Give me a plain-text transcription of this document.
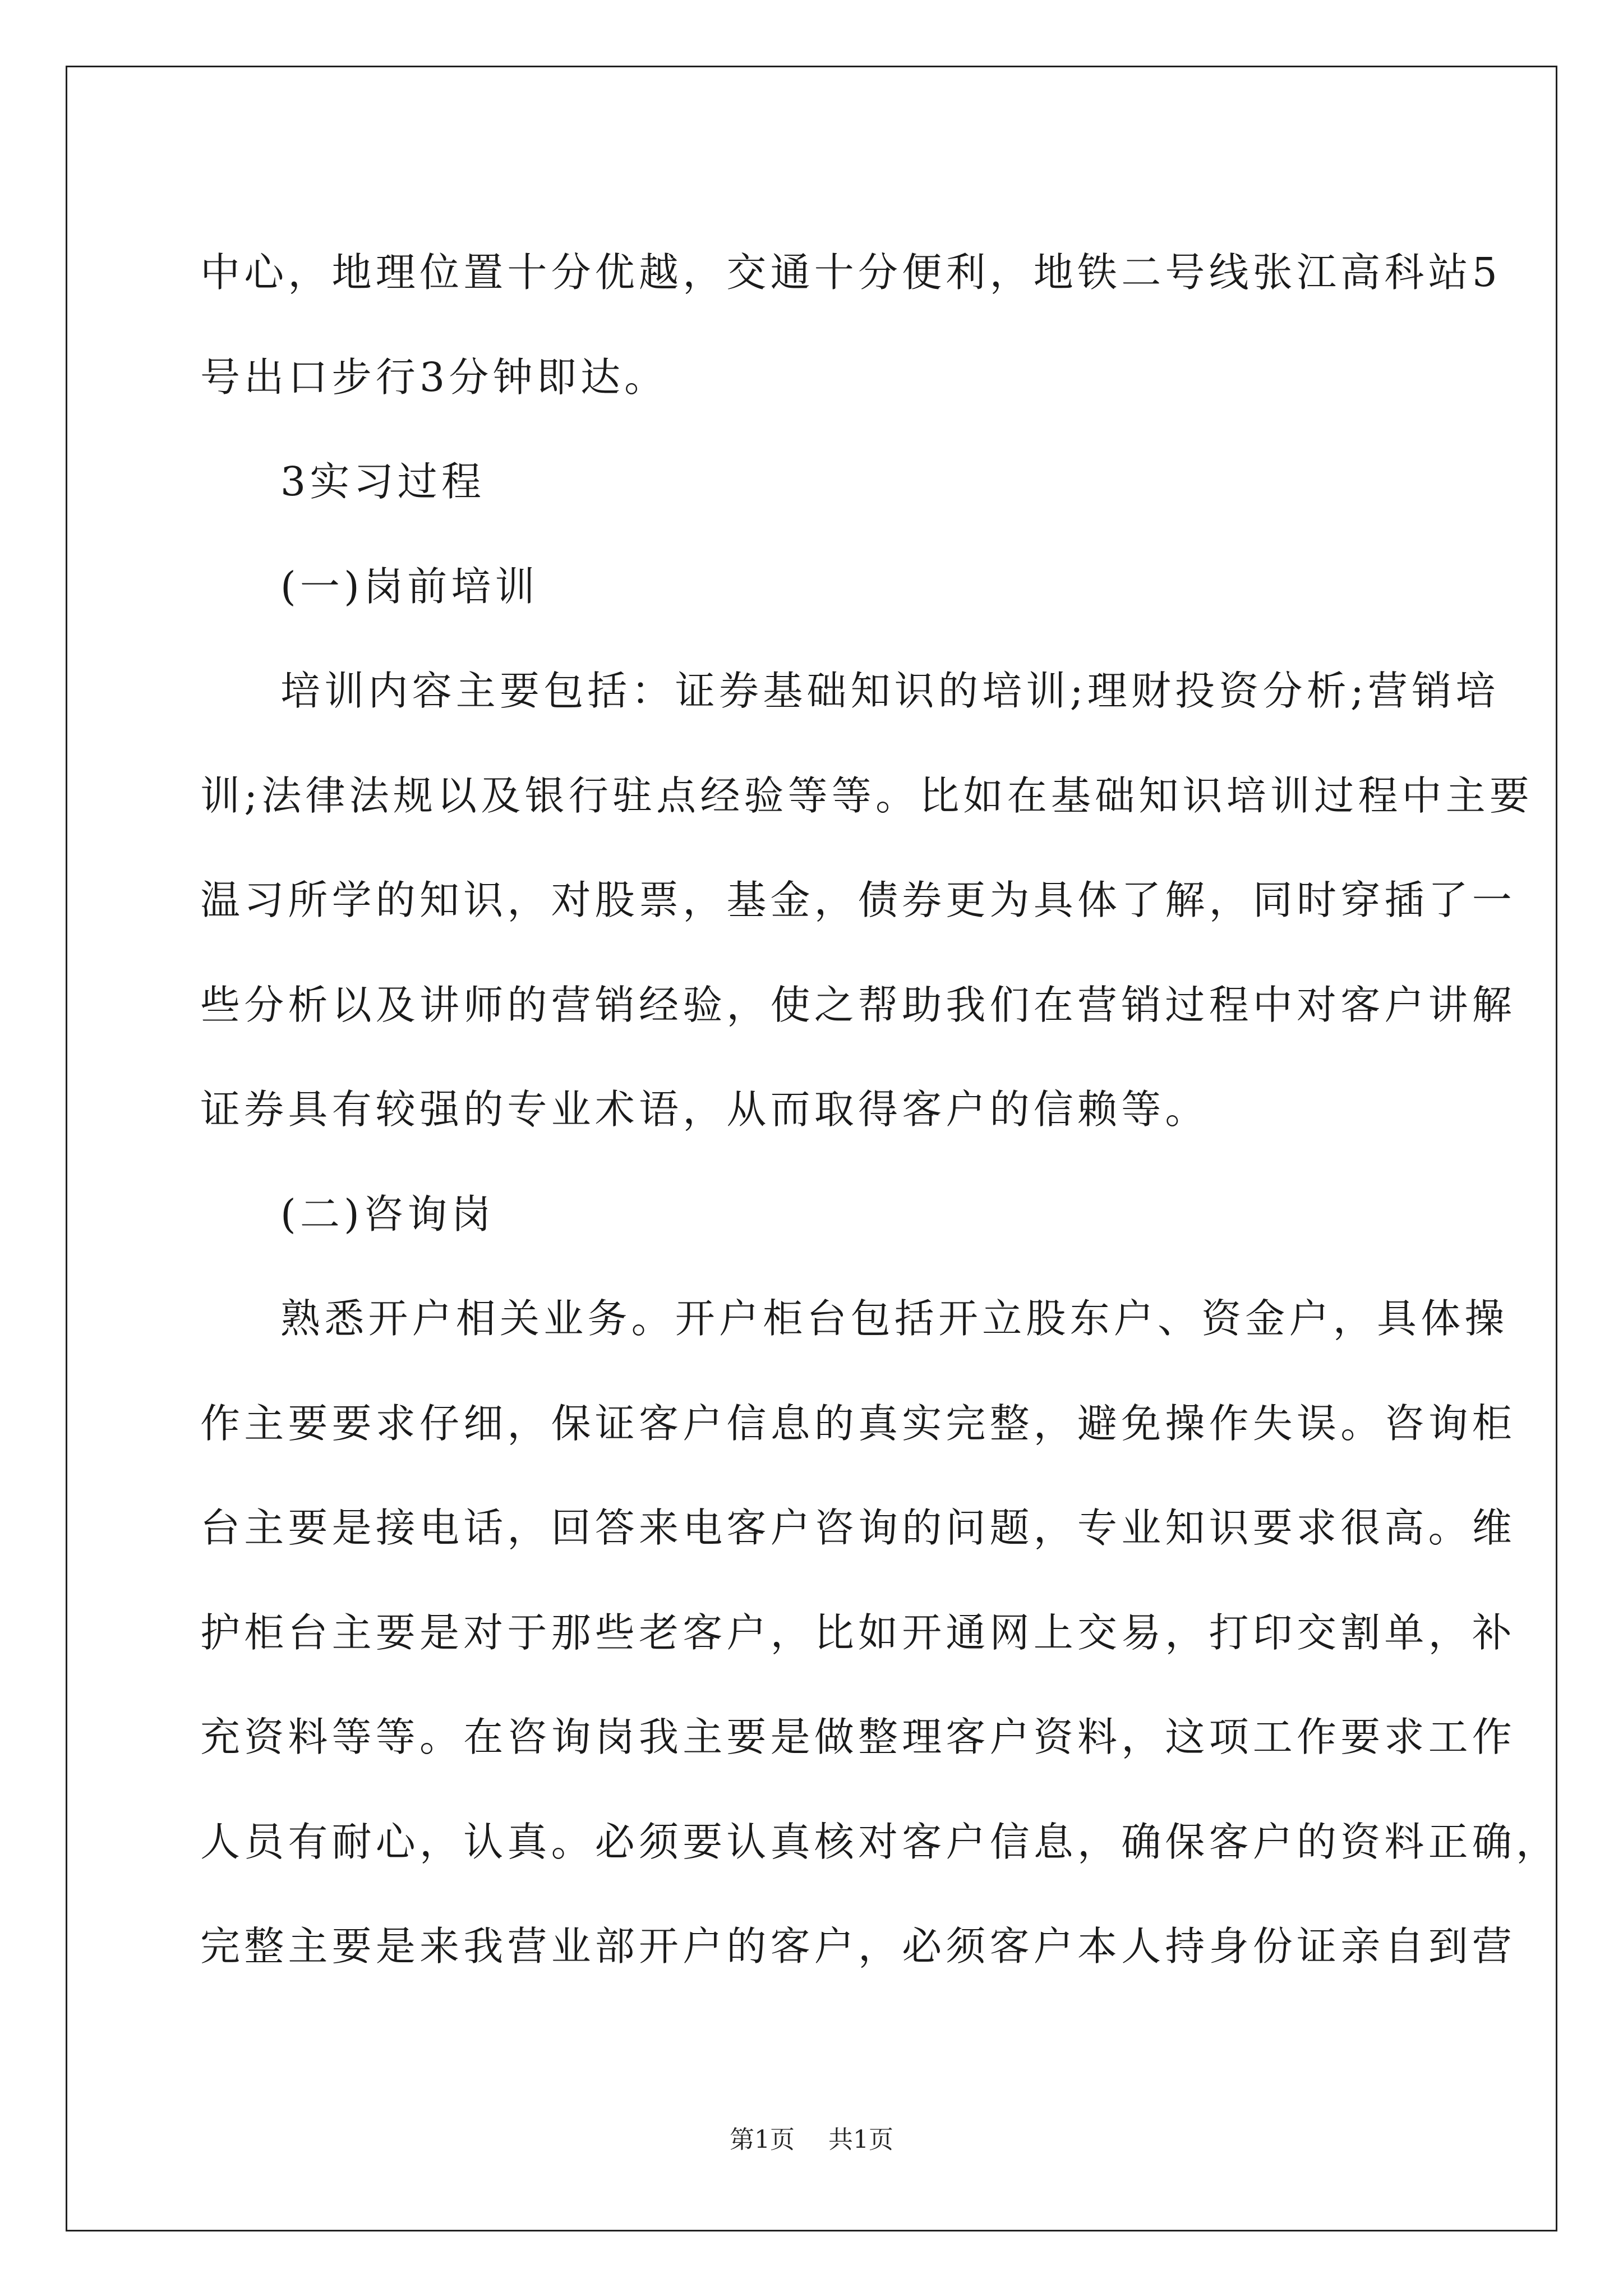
中心，地理位置十分优越，交通十分便利，地铁二号线张江高科站5
号出口步行3分钟即达。
3实习过程
(一)岗前培训
培训内容主要包括：证券基础知识的培训;理财投资分析;营销培
训;法律法规以及银行驻点经验等等。比如在基础知识培训过程中主要
温习所学的知识，对股票，基金，债券更为具体了解，同时穿插了一
些分析以及讲师的营销经验，使之帮助我们在营销过程中对客户讲解
证券具有较强的专业术语，从而取得客户的信赖等。
(二)咨询岗
熟悉开户相关业务。开户柜台包括开立股东户、资金户，具体操
作主要要求仔细，保证客户信息的真实完整，避免操作失误。咨询柜
台主要是接电话，回答来电客户咨询的问题，专业知识要求很高。维
护柜台主要是对于那些老客户，比如开通网上交易，打印交割单，补
充资料等等。在咨询岗我主要是做整理客户资料，这项工作要求工作
人员有耐心，认真。必须要认真核对客户信息，确保客户的资料正确，
完整主要是来我营业部开户的客户，必须客户本人持身份证亲自到营
第1页 共1页
